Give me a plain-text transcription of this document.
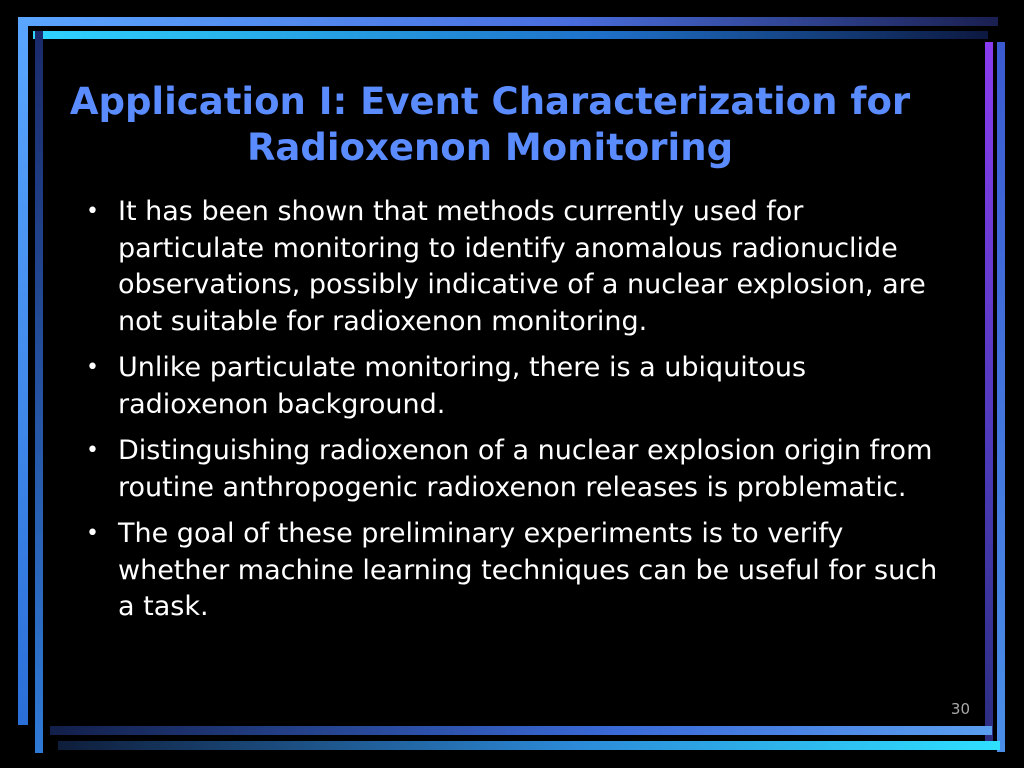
Application I: Event Characterization for Radioxenon Monitoring
• It has been shown that methods currently used for particulate monitoring to identify anomalous radionuclide observations, possibly indicative of a nuclear explosion, are not suitable for radioxenon monitoring.
• Unlike particulate monitoring, there is a ubiquitous radioxenon background.
• Distinguishing radioxenon of a nuclear explosion origin from routine anthropogenic radioxenon releases is problematic.
• The goal of these preliminary experiments is to verify whether machine learning techniques can be useful for such a task.
30
